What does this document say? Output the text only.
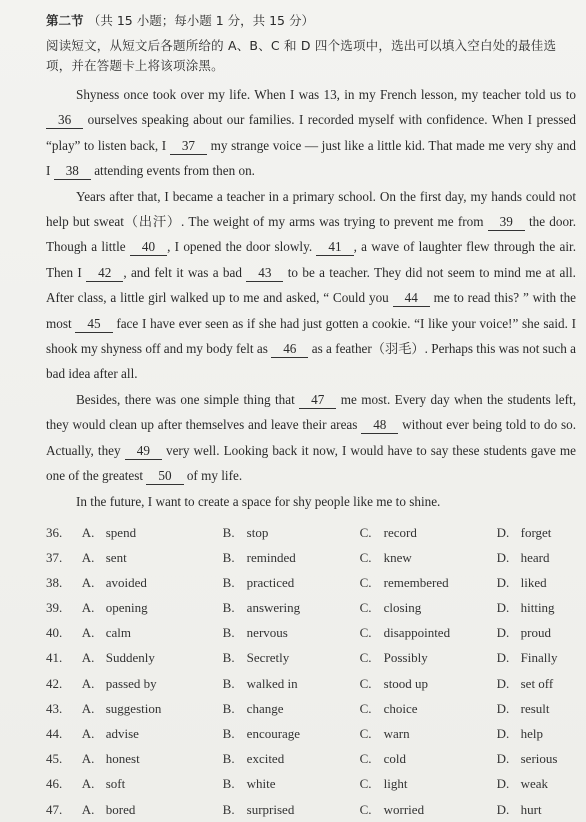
第二节 （共 15 小题；每小题 1 分，共 15 分）
阅读短文，从短文后各题所给的 A、B、C 和 D 四个选项中，选出可以填入空白处的最佳选项，并在答题卡上将该项涂黑。

Shyness once took over my life. When I was 13, in my French lesson, my teacher told us to 36 ourselves speaking about our families. I recorded myself with confidence. When I pressed “play” to listen back, I 37 my strange voice — just like a little kid. That made me very shy and I 38 attending events from then on.

Years after that, I became a teacher in a primary school. On the first day, my hands could not help but sweat（出汗）. The weight of my arms was trying to prevent me from 39 the door. Though a little 40 , I opened the door slowly. 41 , a wave of laughter flew through the air. Then I 42 , and felt it was a bad 43 to be a teacher. They did not seem to mind me at all. After class, a little girl walked up to me and asked, “ Could you 44 me to read this? ” with the most 45 face I have ever seen as if she had just gotten a cookie. “I like your voice!” she said. I shook my shyness off and my body felt as 46 as a feather（羽毛）. Perhaps this was not such a bad idea after all.

Besides, there was one simple thing that 47 me most. Every day when the students left, they would clean up after themselves and leave their areas 48 without ever being told to do so. Actually, they 49 very well. Looking back it now, I would have to say these students gave me one of the greatest 50 of my life.

In the future, I want to create a space for shy people like me to shine.

36.	A. spend	B. stop	C. record	D. forget
37.	A. sent	B. reminded	C. knew	D. heard
38.	A. avoided	B. practiced	C. remembered	D. liked
39.	A. opening	B. answering	C. closing	D. hitting
40.	A. calm	B. nervous	C. disappointed	D. proud
41.	A. Suddenly	B. Secretly	C. Possibly	D. Finally
42.	A. passed by	B. walked in	C. stood up	D. set off
43.	A. suggestion	B. change	C. choice	D. result
44.	A. advise	B. encourage	C. warn	D. help
45.	A. honest	B. excited	C. cold	D. serious
46.	A. soft	B. white	C. light	D. weak
47.	A. bored	B. surprised	C. worried	D. hurt
